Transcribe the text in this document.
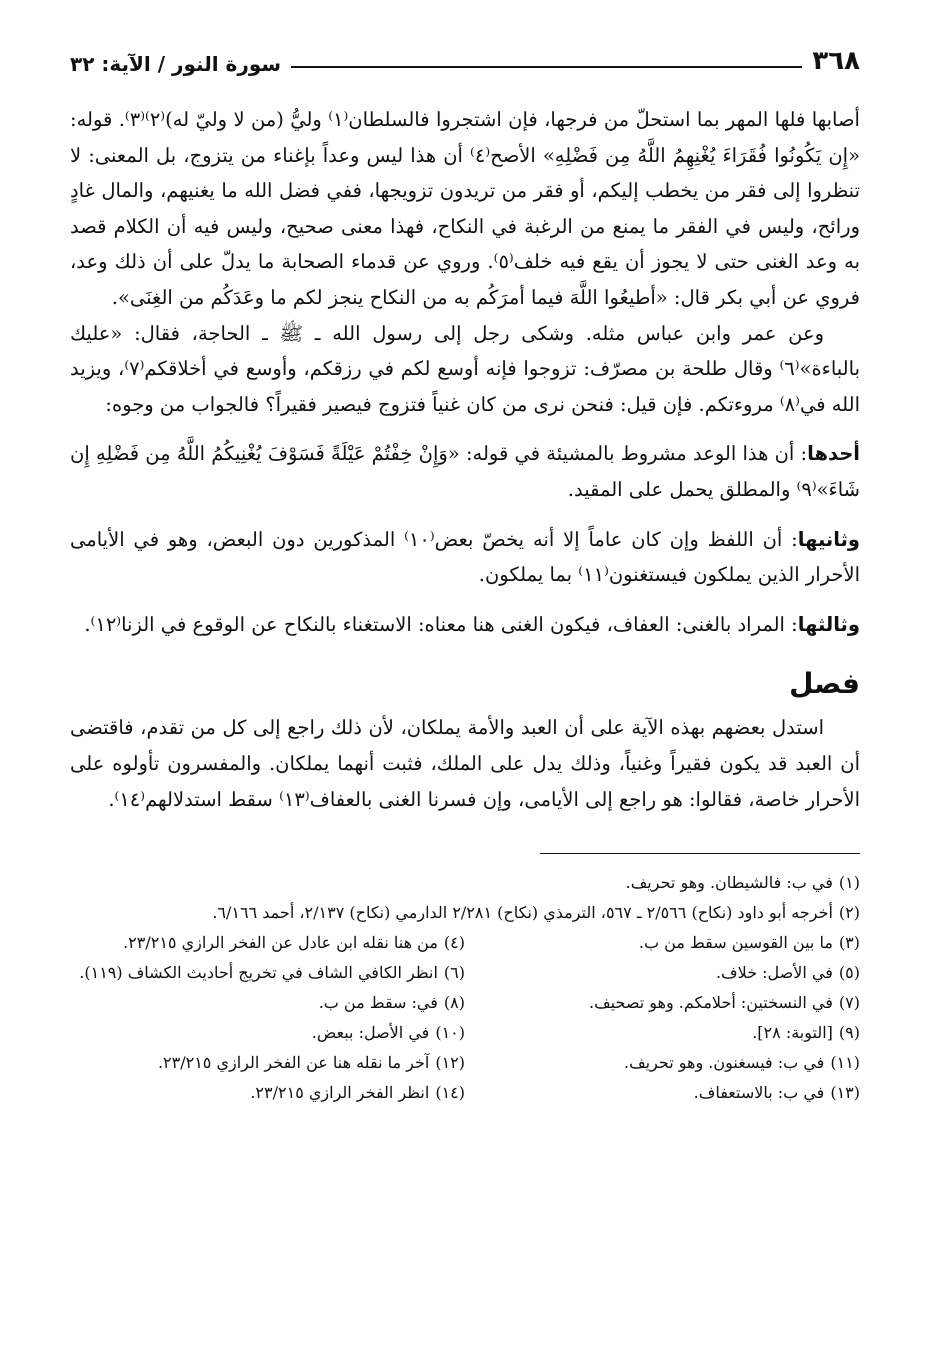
٣٦٨
سورة النور / الآية: ٣٢

أصابها فلها المهر بما استحلّ من فرجها، فإن اشتجروا فالسلطان⁽١⁾ وليُّ (من لا وليّ له)⁽٢⁾⁽٣⁾. قوله: «إِن يَكُونُوا فُقَرَاءَ يُغْنِهِمُ اللَّهُ مِن فَضْلِهِ» الأصح⁽٤⁾ أن هذا ليس وعداً بإغناء من يتزوج، بل المعنى: لا تنظروا إلى فقر من يخطب إليكم، أو فقر من تريدون تزويجها، ففي فضل الله ما يغنيهم، والمال غادٍ ورائح، وليس في الفقر ما يمنع من الرغبة في النكاح، فهذا معنى صحيح، وليس فيه أن الكلام قصد به وعد الغنى حتى لا يجوز أن يقع فيه خلف⁽٥⁾. وروي عن قدماء الصحابة ما يدلّ على أن ذلك وعد، فروي عن أبي بكر قال: «أطيعُوا اللَّهَ فيما أمرَكُم به من النكاح ينجز لكم ما وعَدَكُم من الغِنَى».

وعن عمر وابن عباس مثله. وشكى رجل إلى رسول الله ـ ﷺ ـ الحاجة، فقال: «عليك بالباءة»⁽٦⁾ وقال طلحة بن مصرّف: تزوجوا فإنه أوسع لكم في رزقكم، وأوسع في أخلاقكم⁽٧⁾، ويزيد الله في⁽٨⁾ مروءتكم. فإن قيل: فنحن نرى من كان غنياً فتزوج فيصير فقيراً؟ فالجواب من وجوه:

أحدها: أن هذا الوعد مشروط بالمشيئة في قوله: «وَإِنْ خِفْتُمْ عَيْلَةً فَسَوْفَ يُغْنِيكُمُ اللَّهُ مِن فَضْلِهِ إِن شَاءَ»⁽٩⁾ والمطلق يحمل على المقيد.

وثانيها: أن اللفظ وإن كان عاماً إلا أنه يخصّ بعض⁽١٠⁾ المذكورين دون البعض، وهو في الأيامى الأحرار الذين يملكون فيستغنون⁽١١⁾ بما يملكون.

وثالثها: المراد بالغنى: العفاف، فيكون الغنى هنا معناه: الاستغناء بالنكاح عن الوقوع في الزنا⁽١٢⁾.

فصل

استدل بعضهم بهذه الآية على أن العبد والأمة يملكان، لأن ذلك راجع إلى كل من تقدم، فاقتضى أن العبد قد يكون فقيراً وغنياً، وذلك يدل على الملك، فثبت أنهما يملكان. والمفسرون تأولوه على الأحرار خاصة، فقالوا: هو راجع إلى الأيامى، وإن فسرنا الغنى بالعفاف⁽١٣⁾ سقط استدلالهم⁽١٤⁾.

(١)في ب: فالشيطان. وهو تحريف.
(٢)أخرجه أبو داود (نكاح) ٢/٥٦٦ ـ ٥٦٧، الترمذي (نكاح) ٢/٢٨١ الدارمي (نكاح) ٢/١٣٧، أحمد ٦/١٦٦.
(٣)ما بين القوسين سقط من ب.
(٤)من هنا نقله ابن عادل عن الفخر الرازي ٢٣/٢١٥.
(٥)في الأصل: خلاف.
(٦)انظر الكافي الشاف في تخريج أحاديث الكشاف (١١٩).
(٧)في النسختين: أحلامكم. وهو تصحيف.
(٨)في: سقط من ب.
(٩)[التوبة: ٢٨].
(١٠)في الأصل: ببعض.
(١١)في ب: فيسغنون. وهو تحريف.
(١٢)آخر ما نقله هنا عن الفخر الرازي ٢٣/٢١٥.
(١٣)في ب: بالاستعفاف.
(١٤)انظر الفخر الرازي ٢٣/٢١٥.
